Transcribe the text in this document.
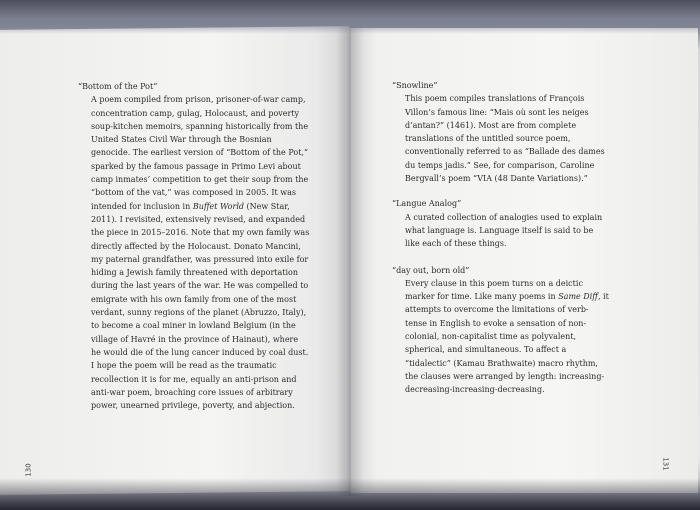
“Bottom of the Pot”

A poem compiled from prison, prisoner-of-war camp, concentration camp, gulag, Holocaust, and poverty soup-kitchen memoirs, spanning historically from the United States Civil War through the Bosnian genocide. The earliest version of “Bottom of the Pot,” sparked by the famous passage in Primo Levi about camp inmates’ competition to get their soup from the “bottom of the vat,” was composed in 2005. It was intended for inclusion in Buffet World (New Star, 2011). I revisited, extensively revised, and expanded the piece in 2015–2016. Note that my own family was directly affected by the Holocaust. Donato Mancini, my paternal grandfather, was pressured into exile for hiding a Jewish family threatened with deportation during the last years of the war. He was compelled to emigrate with his own family from one of the most verdant, sunny regions of the planet (Abruzzo, Italy), to become a coal miner in lowland Belgium (in the village of Havré in the province of Hainaut), where he would die of the lung cancer induced by coal dust. I hope the poem will be read as the traumatic recollection it is for me, equally an anti-prison and anti-war poem, broaching core issues of arbitrary power, unearned privilege, poverty, and abjection.

“Snowline”

This poem compiles translations of François Villon’s famous line: “Mais où sont les neiges d’antan?” (1461). Most are from complete translations of the untitled source poem, conventionally referred to as “Ballade des dames du temps jadis.” See, for comparison, Caroline Bergvall’s poem “VIA (48 Dante Variations).”

“Langue Analog”

A curated collection of analogies used to explain what language is. Language itself is said to be like each of these things.

“day out, born old”

Every clause in this poem turns on a deictic marker for time. Like many poems in Same Diff, it attempts to overcome the limitations of verb-tense in English to evoke a sensation of non-colonial, non-capitalist time as polyvalent, spherical, and simultaneous. To affect a “tidalectic” (Kamau Brathwaite) macro rhythm, the clauses were arranged by length: increasing-decreasing-increasing-decreasing.

130	131
